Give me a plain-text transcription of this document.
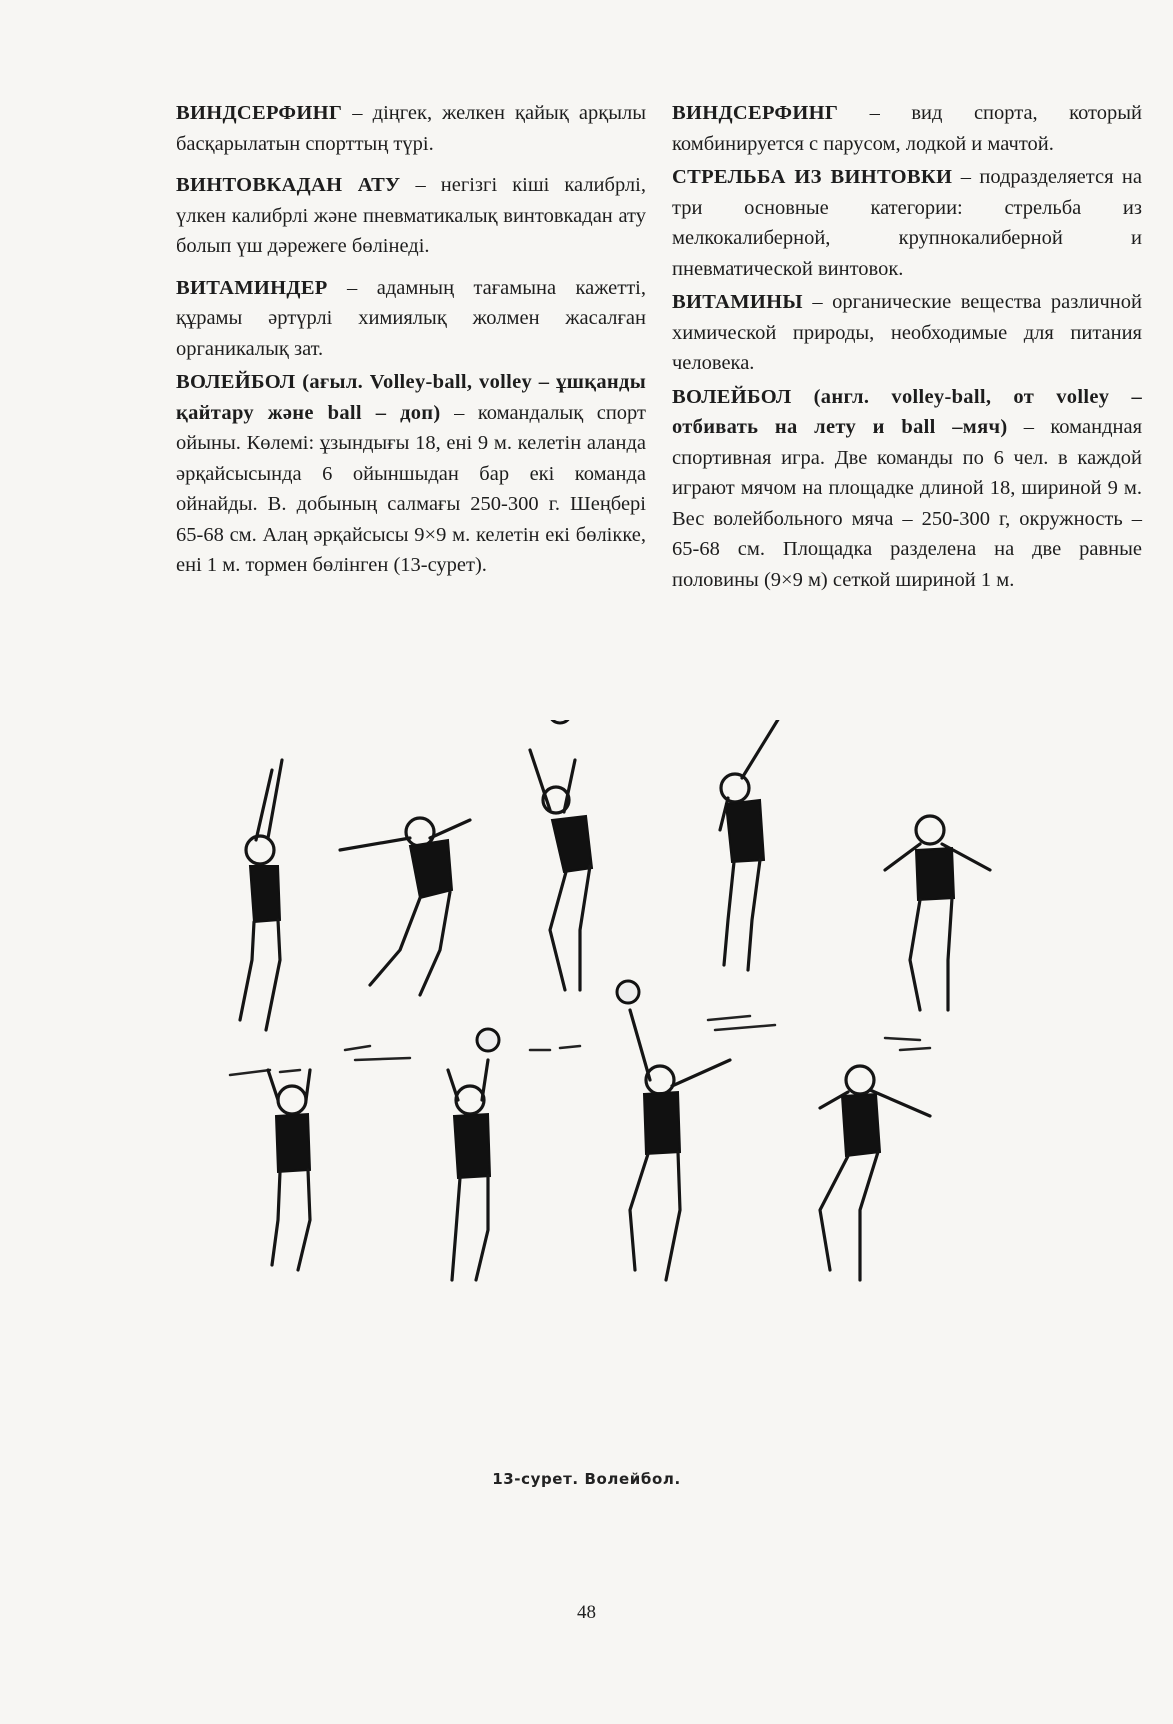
ВИНДСЕРФИНГ – діңгек, желкен қайық арқылы басқарылатын спорттың түрі.

ВИНТОВКАДАН АТУ – негізгі кіші калибрлі, үлкен калибрлі және пневматикалық винтовкадан ату болып үш дәрежеге бөлінеді.

ВИТАМИНДЕР – адамның тағамына кажетті, құрамы әртүрлі химиялық жолмен жасалған органикалық зат.

ВОЛЕЙБОЛ (ағыл. Volley-ball, volley – ұшқанды қайтару және ball – доп) – командалық спорт ойыны. Көлемі: ұзындығы 18, ені 9 м. келетін аланда әрқайсысында 6 ойыншыдан бар екі команда ойнайды. В. добының салмағы 250-300 г. Шеңбері 65-68 см. Алаң әрқайсысы 9×9 м. келетін екі бөлікке, ені 1 м. тормен бөлінген (13-сурет).

ВИНДСЕРФИНГ – вид спорта, который комбинируется с парусом, лодкой и мачтой.

СТРЕЛЬБА ИЗ ВИНТОВКИ – подразделяется на три основные категории: стрельба из мелкокалиберной, крупнокалиберной и пневматической винтовок.

ВИТАМИНЫ – органические вещества различной химической природы, необходимые для питания человека.

ВОЛЕЙБОЛ (англ. volley-ball, от volley – отбивать на лету и ball –мяч) – командная спортивная игра. Две команды по 6 чел. в каждой играют мячом на площадке длиной 18, шириной 9 м. Вес волейбольного мяча – 250-300 г, окружность – 65-68 см. Площадка разделена на две равные половины (9×9 м) сеткой шириной 1 м.

13-сурет. Волейбол.
48
